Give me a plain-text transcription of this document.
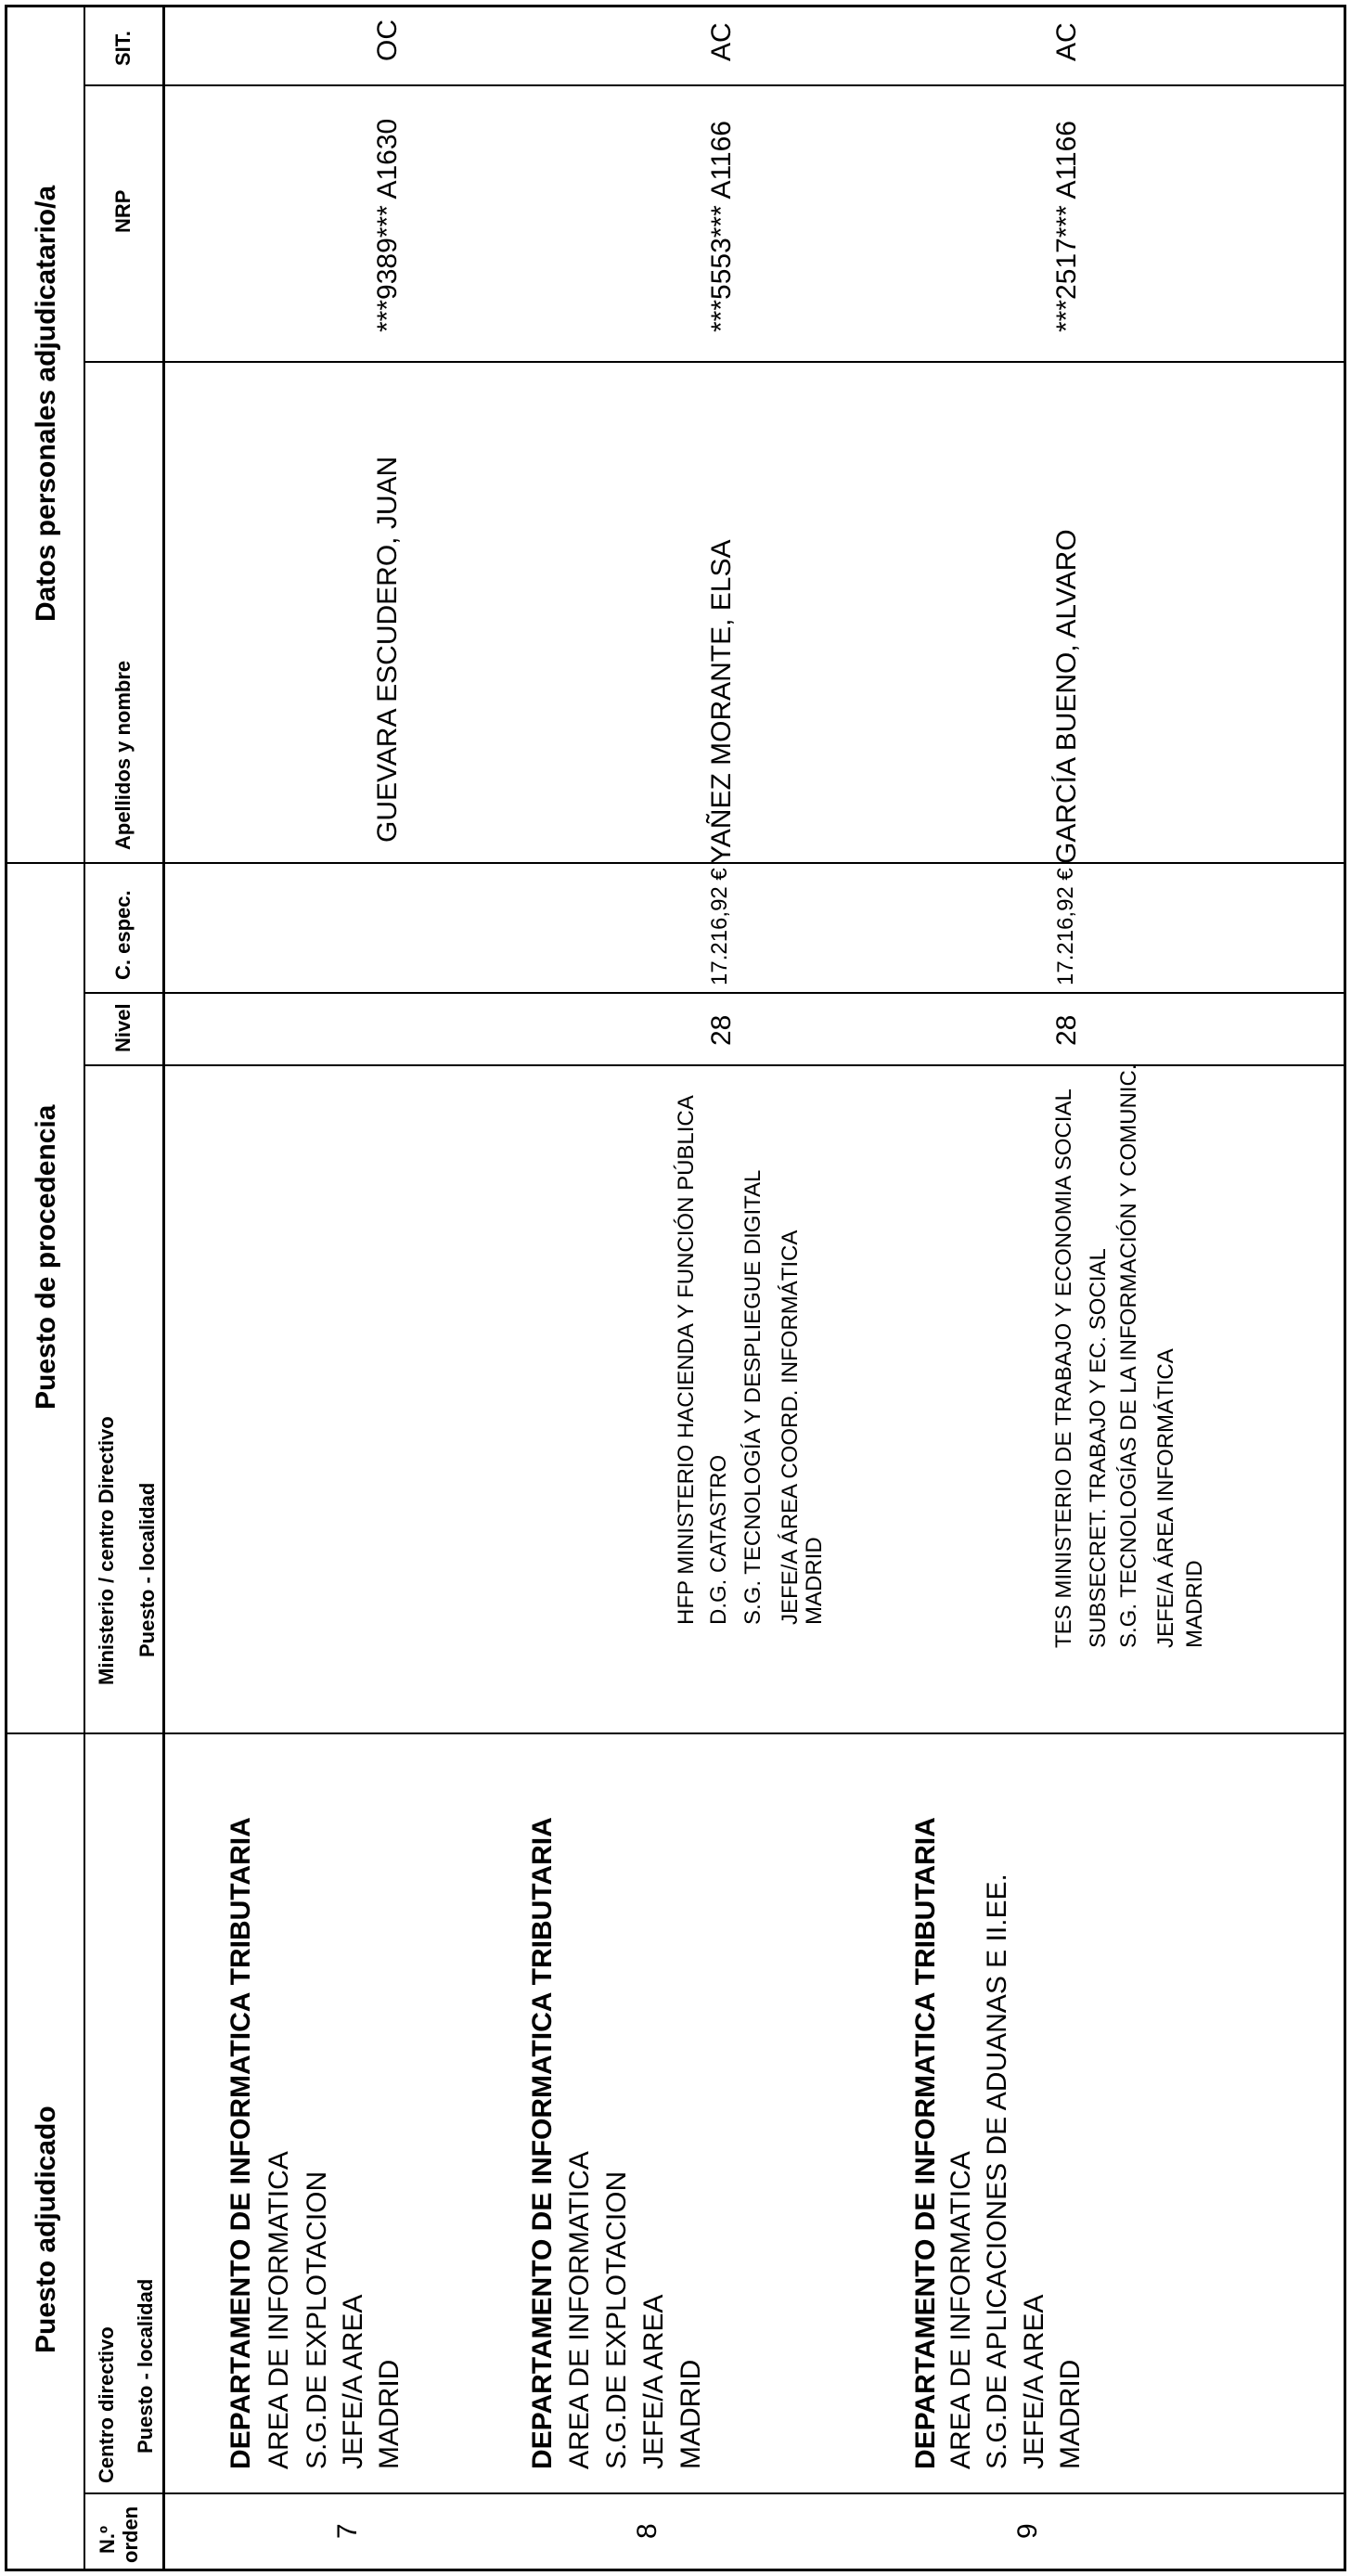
Puesto adjudicado
Puesto de procedencia
Datos personales adjudicatario/a
N.º orden
Centro directivo Puesto - localidad
Ministerio / centro Directivo Puesto - localidad
Nivel
C. espec.
Apellidos y nombre
NRP
SIT.
7
DEPARTAMENTO DE INFORMATICA TRIBUTARIA AREA DE INFORMATICA S.G.DE EXPLOTACION JEFE/A AREA MADRID
GUEVARA ESCUDERO, JUAN
***9389*** A1630
OC
8
DEPARTAMENTO DE INFORMATICA TRIBUTARIA AREA DE INFORMATICA S.G.DE EXPLOTACION JEFE/A AREA MADRID
HFP MINISTERIO HACIENDA Y FUNCIÓN PÚBLICA D.G. CATASTRO S.G. TECNOLOGÍA Y DESPLIEGUE DIGITAL JEFE/A ÁREA COORD. INFORMÁTICA MADRID
28
17.216,92 €
YAÑEZ MORANTE, ELSA
***5553*** A1166
AC
9
DEPARTAMENTO DE INFORMATICA TRIBUTARIA AREA DE INFORMATICA S.G.DE APLICACIONES DE ADUANAS E II.EE. JEFE/A AREA MADRID
TES MINISTERIO DE TRABAJO Y ECONOMIA SOCIAL SUBSECRET. TRABAJO Y EC. SOCIAL S.G. TECNOLOGÍAS DE LA INFORMACIÓN Y COMUNIC. JEFE/A ÁREA INFORMÁTICA MADRID
28
17.216,92 €
GARCÍA BUENO, ALVARO
***2517*** A1166
AC
